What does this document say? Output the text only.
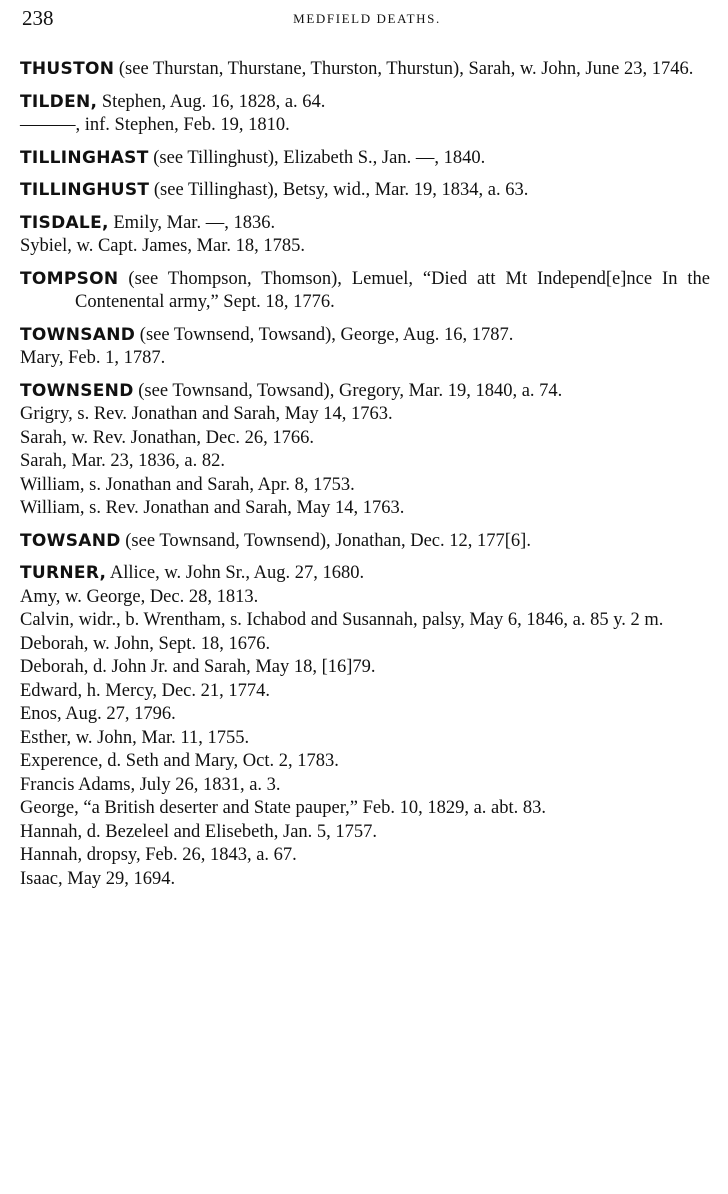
238	MEDFIELD DEATHS.

THUSTON (see Thurstan, Thurstane, Thurston, Thurstun), Sarah, w. John, June 23, 1746.

TILDEN, Stephen, Aug. 16, 1828, a. 64.

———, inf. Stephen, Feb. 19, 1810.

TILLINGHAST (see Tillinghust), Elizabeth S., Jan. —, 1840.

TILLINGHUST (see Tillinghast), Betsy, wid., Mar. 19, 1834, a. 63.

TISDALE, Emily, Mar. —, 1836.

Sybiel, w. Capt. James, Mar. 18, 1785.

TOMPSON (see Thompson, Thomson), Lemuel, “Died att Mt Independ[e]nce In the Contenental army,” Sept. 18, 1776.

TOWNSAND (see Townsend, Towsand), George, Aug. 16, 1787.

Mary, Feb. 1, 1787.

TOWNSEND (see Townsand, Towsand), Gregory, Mar. 19, 1840, a. 74.

Grigry, s. Rev. Jonathan and Sarah, May 14, 1763.

Sarah, w. Rev. Jonathan, Dec. 26, 1766.

Sarah, Mar. 23, 1836, a. 82.

William, s. Jonathan and Sarah, Apr. 8, 1753.

William, s. Rev. Jonathan and Sarah, May 14, 1763.

TOWSAND (see Townsand, Townsend), Jonathan, Dec. 12, 177[6].

TURNER, Allice, w. John Sr., Aug. 27, 1680.

Amy, w. George, Dec. 28, 1813.

Calvin, widr., b. Wrentham, s. Ichabod and Susannah, palsy, May 6, 1846, a. 85 y. 2 m.

Deborah, w. John, Sept. 18, 1676.

Deborah, d. John Jr. and Sarah, May 18, [16]79.

Edward, h. Mercy, Dec. 21, 1774.

Enos, Aug. 27, 1796.

Esther, w. John, Mar. 11, 1755.

Experence, d. Seth and Mary, Oct. 2, 1783.

Francis Adams, July 26, 1831, a. 3.

George, “a British deserter and State pauper,” Feb. 10, 1829, a. abt. 83.

Hannah, d. Bezeleel and Elisebeth, Jan. 5, 1757.

Hannah, dropsy, Feb. 26, 1843, a. 67.

Isaac, May 29, 1694.
